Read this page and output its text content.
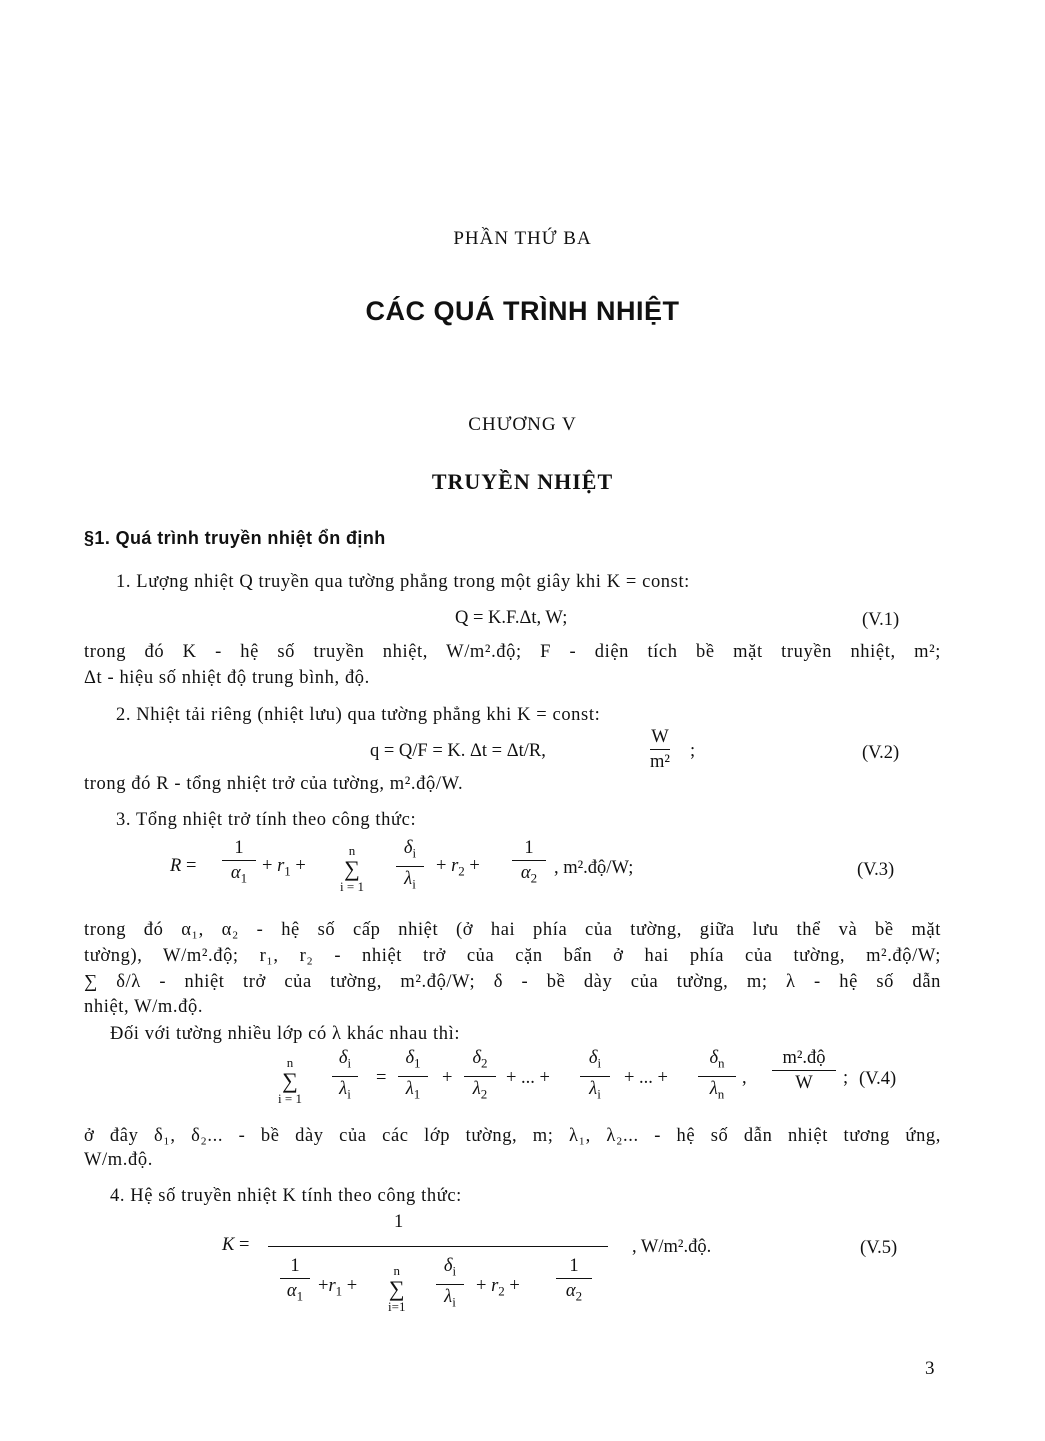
PHẦN THỨ BA
CÁC QUÁ TRÌNH NHIỆT
CHƯƠNG V
TRUYỀN NHIỆT
§1. Quá trình truyền nhiệt ổn định
1. Lượng nhiệt Q truyền qua tường phẳng trong một giây khi K = const:
Q = K.F.Δt, W;	(V.1)
trong đó K - hệ số truyền nhiệt, W/m².độ; F - diện tích bề mặt truyền nhiệt, m²;
Δt - hiệu số nhiệt độ trung bình, độ.
2. Nhiệt tải riêng (nhiệt lưu) qua tường phẳng khi K = const:
q = Q/F = K. Δt = Δt/R,
W
m²
;	(V.2)
trong đó R - tổng nhiệt trở của tường, m².độ/W.
3. Tổng nhiệt trở tính theo công thức:
R =
1
$\alpha_1$
+ $r_1$ +
n
∑
i = 1
$\delta_i$
$\lambda_i$
+ $r_2$ +
1
$\alpha_2$
, m².độ/W;	(V.3)
trong đó α₁, α₂ - hệ số cấp nhiệt (ở hai phía của tường, giữa lưu thể và bề mặt
tường), W/m².độ; r₁, r₂ - nhiệt trở của cặn bẩn ở hai phía của tường, m².độ/W;
∑ δ/λ - nhiệt trở của tường, m².độ/W; δ - bề dày của tường, m; λ - hệ số dẫn
nhiệt, W/m.độ.
Đối với tường nhiều lớp có λ khác nhau thì:
n
∑
i = 1
$\delta_i$
$\lambda_i$
=
$\delta_1$
$\lambda_1$
+
$\delta_2$
$\lambda_2$
+ ... +
$\delta_i$
$\lambda_i$
+ ... +
$\delta_n$
$\lambda_n$
,
m².độ
W ; (V.4)
ở đây δ₁, δ₂... - bề dày của các lớp tường, m; λ₁, λ₂... - hệ số dẫn nhiệt tương ứng,
W/m.độ.
4. Hệ số truyền nhiệt K tính theo công thức:
K =
1
1
$\alpha_1$
$+r_1$ +
n
∑
i=1
$\delta_i$
$\lambda_i$
+ $r_2$ +
1
$\alpha_2$
, W/m².độ.	(V.5)
3
